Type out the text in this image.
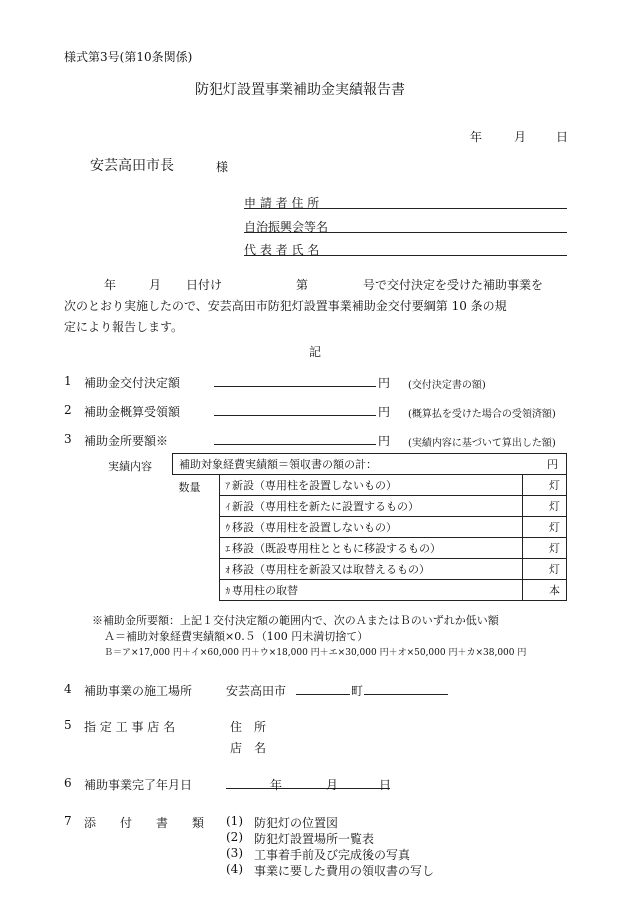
様式第3号(第10条関係)
防犯灯設置事業補助金実績報告書
年	月 日
安芸高田市長	様
申 請 者 住 所
自治振興会等名
代 表 者 氏 名
年	月 日付け	第	号で交付決定を受けた補助事業を
次のとおり実施したので、安芸高田市防犯灯設置事業補助金交付要綱第 10 条の規
定により報告します。
記
1 補助金交付決定額	円 (交付決定書の額)
2 補助金概算受領額	円 (概算払を受けた場合の受領済額)
3 補助金所要額※	円 (実績内容に基づいて算出した額)
実績内容 補助対象経費実績額＝領収書の額の計： 円		

数量	ｱ 新設（専用柱を設置しないもの）	灯
	ｲ 新設（専用柱を新たに設置するもの）	灯
	ｳ 移設（専用柱を設置しないもの）	灯
	ｴ 移設（既設専用柱とともに移設するもの）	灯
	ｵ 移設（専用柱を新設又は取替えるもの）	灯
	ｶ 専用柱の取替	本
※補助金所要額：上記１交付決定額の範囲内で、次のＡまたはＢのいずれか低い額
Ａ＝補助対象経費実績額×0.５（100 円未満切捨て）
Ｂ＝ア×17,000 円＋イ×60,000 円＋ウ×18,000 円＋エ×30,000 円＋オ×50,000 円＋カ×38,000 円
4 補助事業の施工場所	安芸高田市	町
5 指 定 工 事 店 名	住　所
店　名
6 補助事業完了年月日	年	月	日
7 添　　付　　書　　類 (1) 防犯灯の位置図
(2) 防犯灯設置場所一覧表
(3) 工事着手前及び完成後の写真
(4) 事業に要した費用の領収書の写し
